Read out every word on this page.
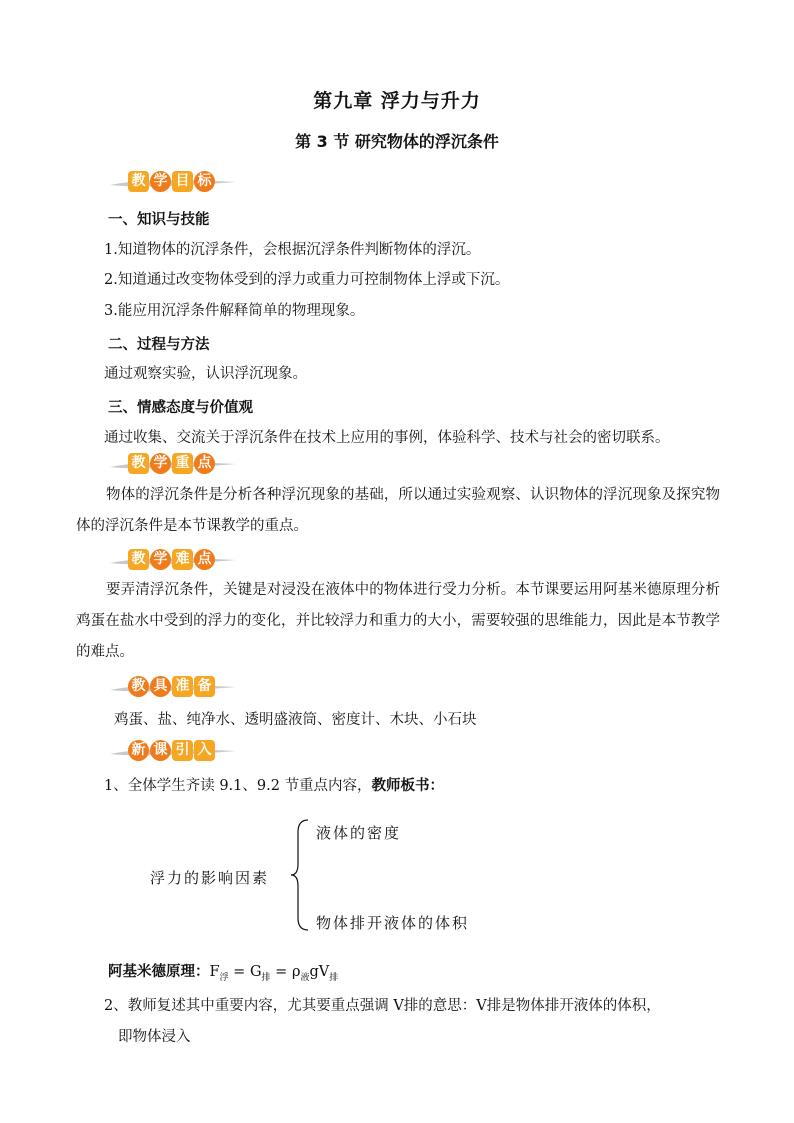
第九章 浮力与升力
第 3 节 研究物体的浮沉条件
教 学 目 标
一、知识与技能
1.知道物体的沉浮条件，会根据沉浮条件判断物体的浮沉。
2.知道通过改变物体受到的浮力或重力可控制物体上浮或下沉。
3.能应用沉浮条件解释简单的物理现象。
二、过程与方法
通过观察实验，认识浮沉现象。
三、情感态度与价值观
通过收集、交流关于浮沉条件在技术上应用的事例，体验科学、技术与社会的密切联系。
教 学 重 点
物体的浮沉条件是分析各种浮沉现象的基础，所以通过实验观察、认识物体的浮沉现象及探究物体的浮沉条件是本节课教学的重点。
教 学 难 点
要弄清浮沉条件，关键是对浸没在液体中的物体进行受力分析。本节课要运用阿基米德原理分析鸡蛋在盐水中受到的浮力的变化，并比较浮力和重力的大小，需要较强的思维能力，因此是本节教学的难点。
教 具 准 备
鸡蛋、盐、纯净水、透明盛液筒、密度计、木块、小石块
新 课 引 入
1、全体学生齐读 9.1、9.2 节重点内容，教师板书：
浮力的影响因素
液体的密度
物体排开液体的体积
阿基米德原理：$F_浮 = G_排 = \rho_液gV_排$
2、教师复述其中重要内容，尤其要重点强调 V排的意思：V排是物体排开液体的体积，
即物体浸入
